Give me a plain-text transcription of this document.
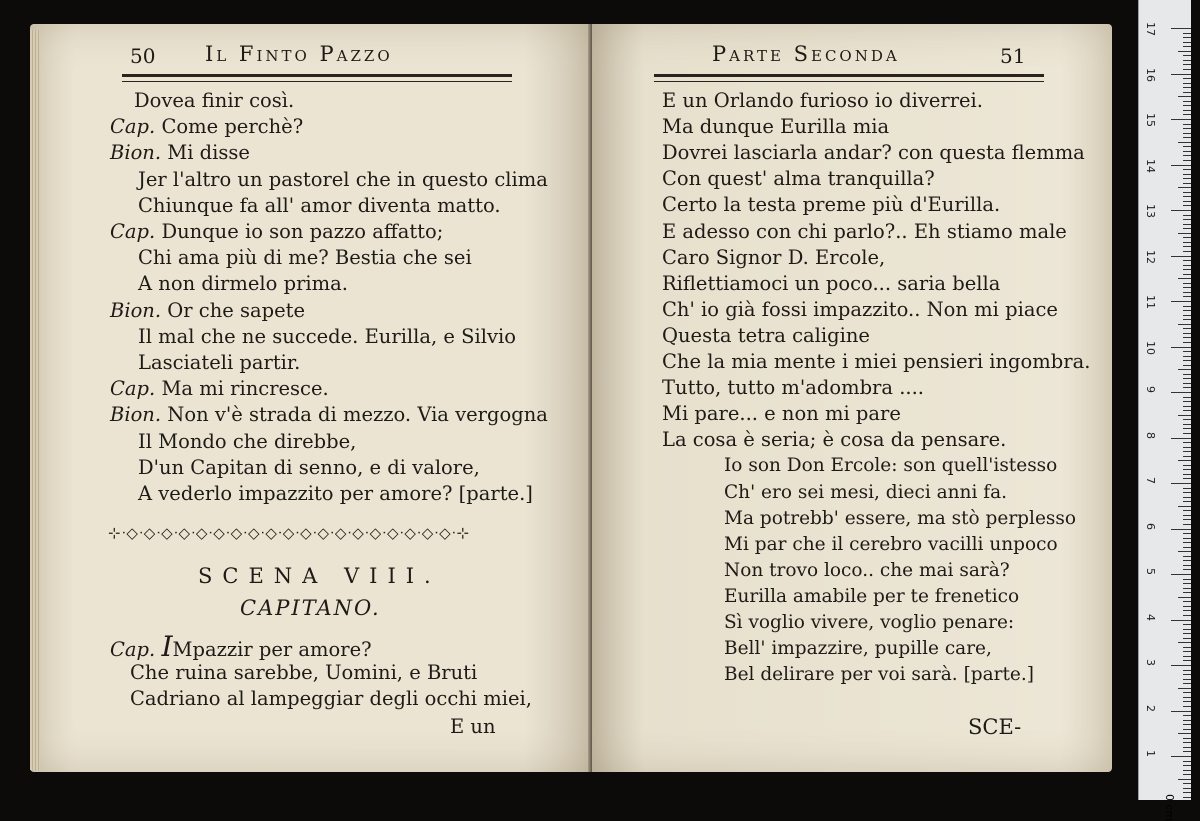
50 Il Finto Pazzo
Dovea finir così.
Cap. Come perchè?
Bion. Mi disse
Jer l'altro un pastorel che in questo clima
Chiunque fa all' amor diventa matto.
Cap. Dunque io son pazzo affatto;
Chi ama più di me? Bestia che sei
A non dirmelo prima.
Bion. Or che sapete
Il mal che ne succede. Eurilla, e Silvio
Lasciateli partir.
Cap. Ma mi rincresce.
Bion. Non v'è strada di mezzo. Via vergogna
Il Mondo che direbbe,
D'un Capitan di senno, e di valore,
A vederlo impazzito per amore? [parte.]
⊹ᐧ◇ᐧ◇ᐧ◇ᐧ◇ᐧ◇ᐧ◇ᐧ◇ᐧ◇ᐧ◇ᐧ◇ᐧ◇ᐧ◇ᐧ◇ᐧ◇ᐧ◇ᐧ◇ᐧ◇ᐧ◇ᐧ◇ᐧ⊹
SCENA VIII.
CAPITANO.
Cap. IMpazzir per amore?
Che ruina sarebbe, Uomini, e Bruti
Cadriano al lampeggiar degli occhi miei,
E un
Parte Seconda	51
E un Orlando furioso io diverrei.
Ma dunque Eurilla mia
Dovrei lasciarla andar? con questa flemma
Con quest' alma tranquilla?
Certo la testa preme più d'Eurilla.
E adesso con chi parlo?.. Eh stiamo male
Caro Signor D. Ercole,
Riflettiamoci un poco... saria bella
Ch' io già fossi impazzito.. Non mi piace
Questa tetra caligine
Che la mia mente i miei pensieri ingombra.
Tutto, tutto m'adombra ....
Mi pare... e non mi pare
La cosa è seria; è cosa da pensare.
Io son Don Ercole: son quell'istesso
Ch' ero sei mesi, dieci anni fa.
Ma potrebb' essere, ma stò perplesso
Mi par che il cerebro vacilli unpoco
Non trovo loco.. che mai sarà?
Eurilla amabile per te frenetico
Sì voglio vivere, voglio penare:
Bell' impazzire, pupille care,
Bel delirare per voi sarà. [parte.]
SCE-
0 cm
17
16
15
14
13
12
11
10
9
8
7
6
5
4
3
2
1
